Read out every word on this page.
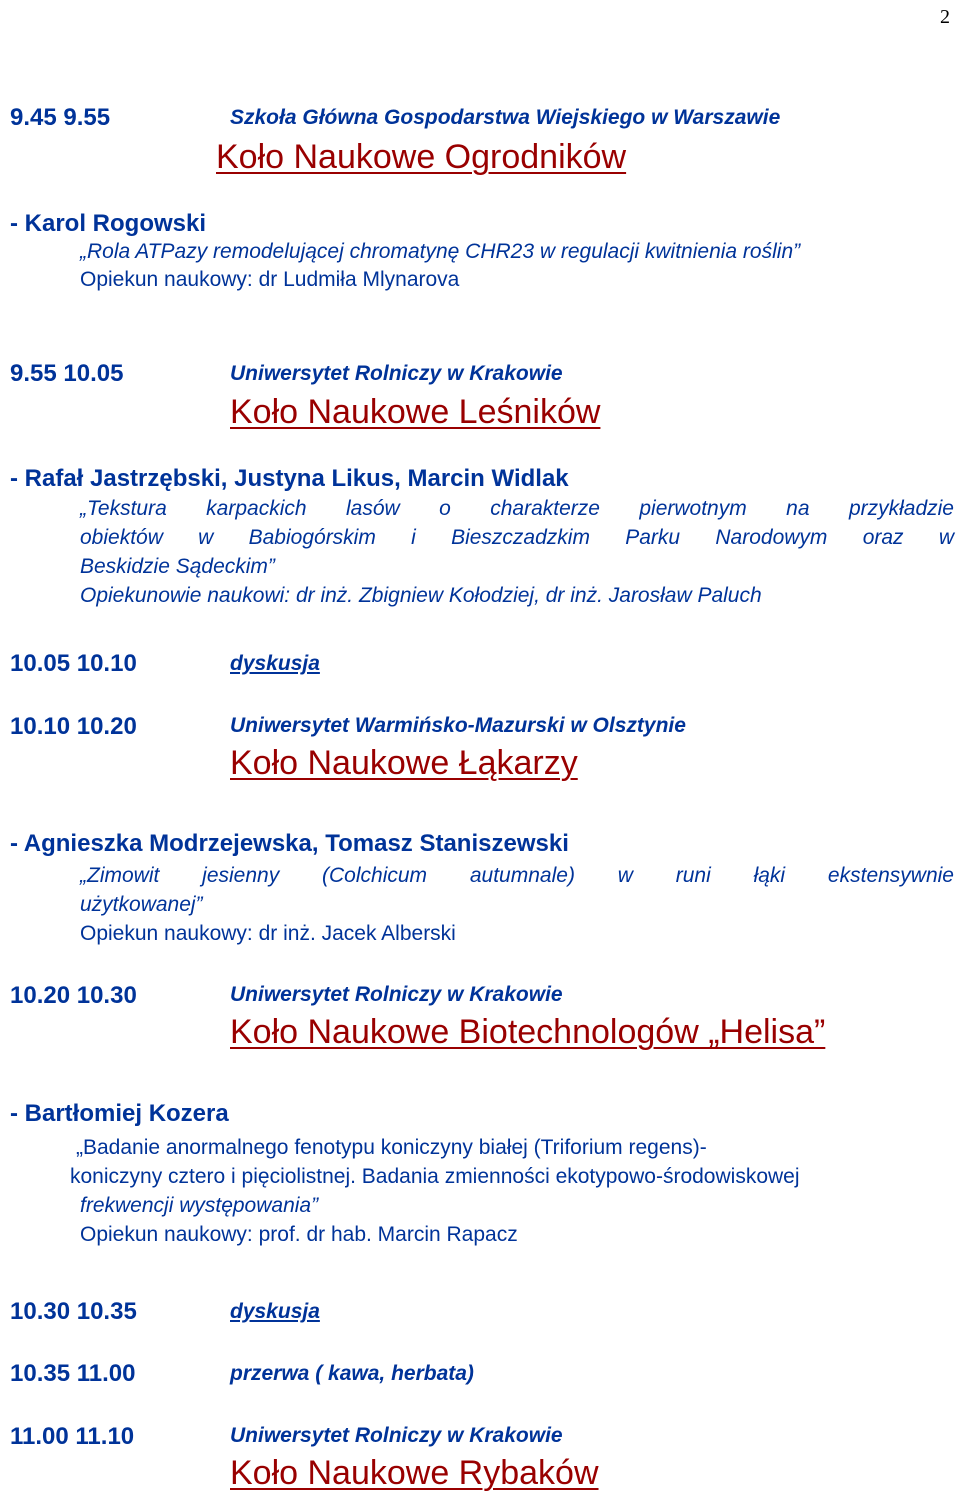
2
9.45 9.55	Szkoła Główna Gospodarstwa Wiejskiego w Warszawie
Koło Naukowe Ogrodników
- Karol Rogowski
„Rola ATPazy remodelującej chromatynę CHR23 w regulacji kwitnienia roślin”
Opiekun naukowy: dr Ludmiła Mlynarova
9.55 10.05	Uniwersytet Rolniczy w Krakowie
Koło Naukowe Leśników
- Rafał Jastrzębski, Justyna Likus, Marcin Widlak
„Tekstura karpackich lasów o charakterze pierwotnym na przykładzie
obiektów w Babiogórskim i Bieszczadzkim Parku Narodowym oraz w
Beskidzie Sądeckim”
Opiekunowie naukowi: dr inż. Zbigniew Kołodziej, dr inż. Jarosław Paluch
10.05 10.10	dyskusja
10.10 10.20	Uniwersytet Warmińsko-Mazurski w Olsztynie
Koło Naukowe Łąkarzy
- Agnieszka Modrzejewska, Tomasz Staniszewski
„Zimowit jesienny (Colchicum autumnale) w runi łąki ekstensywnie
użytkowanej”
Opiekun naukowy: dr inż. Jacek Alberski
10.20 10.30	Uniwersytet Rolniczy w Krakowie
Koło Naukowe Biotechnologów „Helisa”
- Bartłomiej Kozera
„Badanie anormalnego fenotypu koniczyny białej (Triforium regens)-
koniczyny cztero i pięciolistnej. Badania zmienności ekotypowo-środowiskowej
frekwencji występowania”
Opiekun naukowy: prof. dr hab. Marcin Rapacz
10.30 10.35	dyskusja
10.35 11.00	przerwa ( kawa, herbata)
11.00 11.10	Uniwersytet Rolniczy w Krakowie
Koło Naukowe Rybaków
